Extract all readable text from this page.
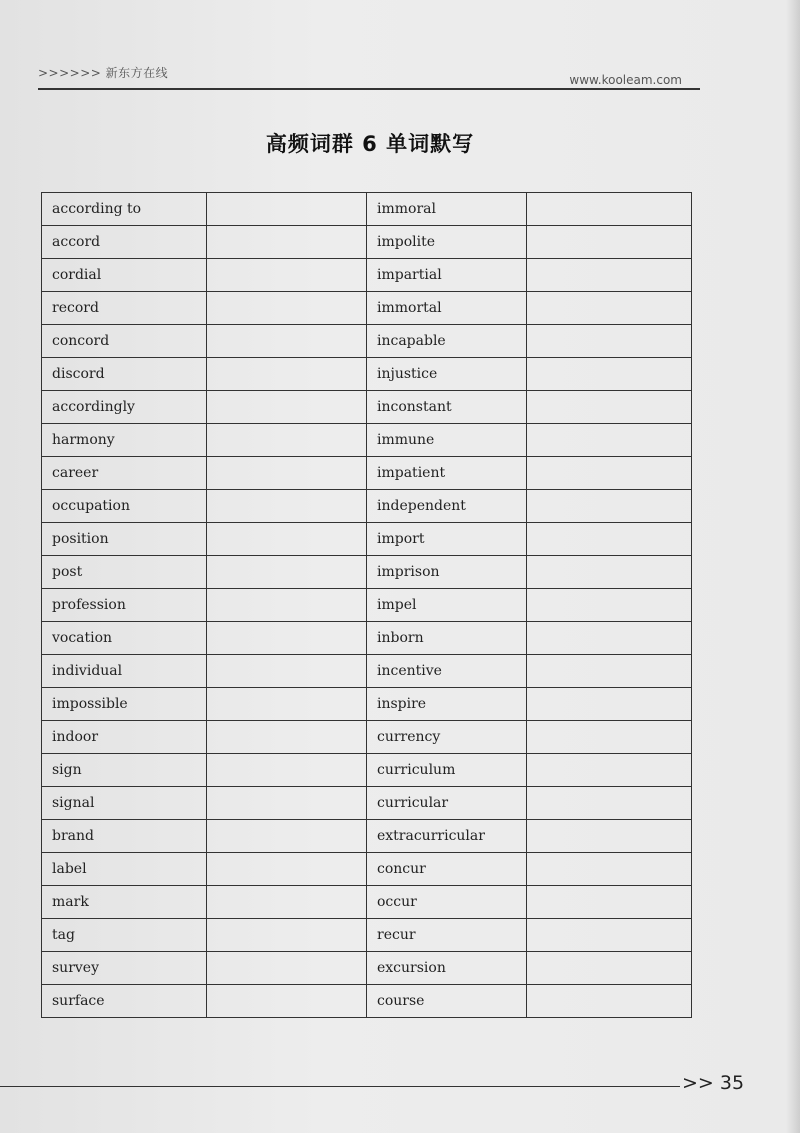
>>>>>> 新东方在线	www.kooleam.com
高频词群 6 单词默写
according to		immoral	
accord		impolite	
cordial		impartial	
record		immortal	
concord		incapable	
discord		injustice	
accordingly		inconstant	
harmony		immune	
career		impatient	
occupation		independent	
position		import	
post		imprison	
profession		impel	
vocation		inborn	
individual		incentive	
impossible		inspire	
indoor		currency	
sign		curriculum	
signal		curricular	
brand		extracurricular	
label		concur	
mark		occur	
tag		recur	
survey		excursion	
surface		course	
>> 35
